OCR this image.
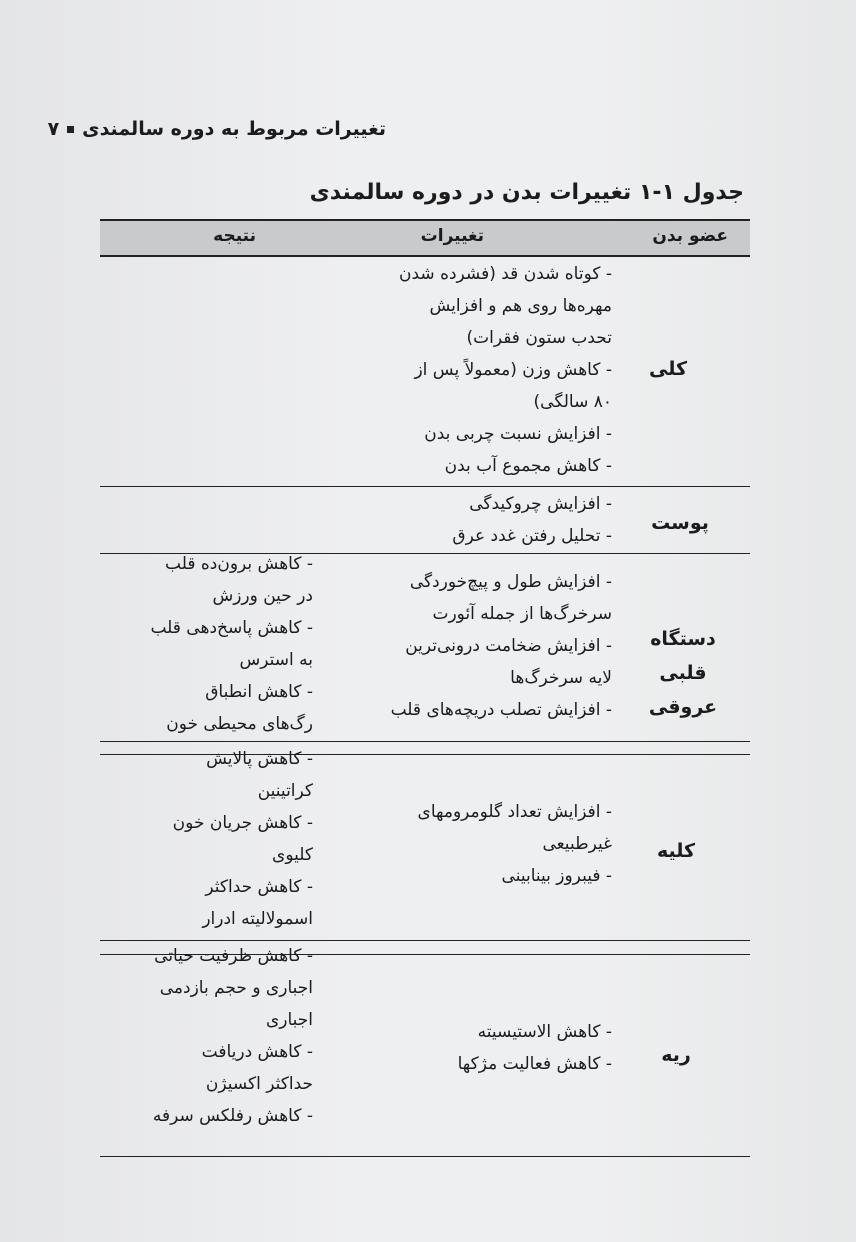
تغییرات مربوط به دوره سالمندی۷
جدول ۱-۱ تغییرات بدن در دوره سالمندی
عضو بدن
تغییرات
نتیجه
کلی
- کوتاه شدن قد (فشرده شدن
مهره‌ها روی هم و افزایش
تحدب ستون فقرات)
- کاهش وزن (معمولاً پس از
۸۰ سالگی)
- افزایش نسبت چربی بدن
- کاهش مجموع آب بدن
پوست
- افزایش چروکیدگی
- تحلیل رفتن غدد عرق
دستگاه
قلبی عروقی
- افزایش طول و پیچ‌خوردگی
سرخرگ‌ها از جمله آئورت
- افزایش ضخامت درونی‌ترین
لایه سرخرگ‌ها
- افزایش تصلب دریچه‌های قلب
- کاهش برون‌ده قلب
در حین ورزش
- کاهش پاسخ‌دهی قلب
به استرس
- کاهش انطباق
رگ‌های محیطی خون
کلیه
- افزایش تعداد گلومرومهای
غیرطبیعی
- فیبروز بینابینی
- کاهش پالایش
کراتینین
- کاهش جریان خون
کلیوی
- کاهش حداکثر
اسمولالیته ادرار
ریه
- کاهش الاستیسیته
- کاهش فعالیت مژکها
- کاهش ظرفیت حیاتی
اجباری و حجم بازدمی
اجباری
- کاهش دریافت
حداکثر اکسیژن
- کاهش رفلکس سرفه
